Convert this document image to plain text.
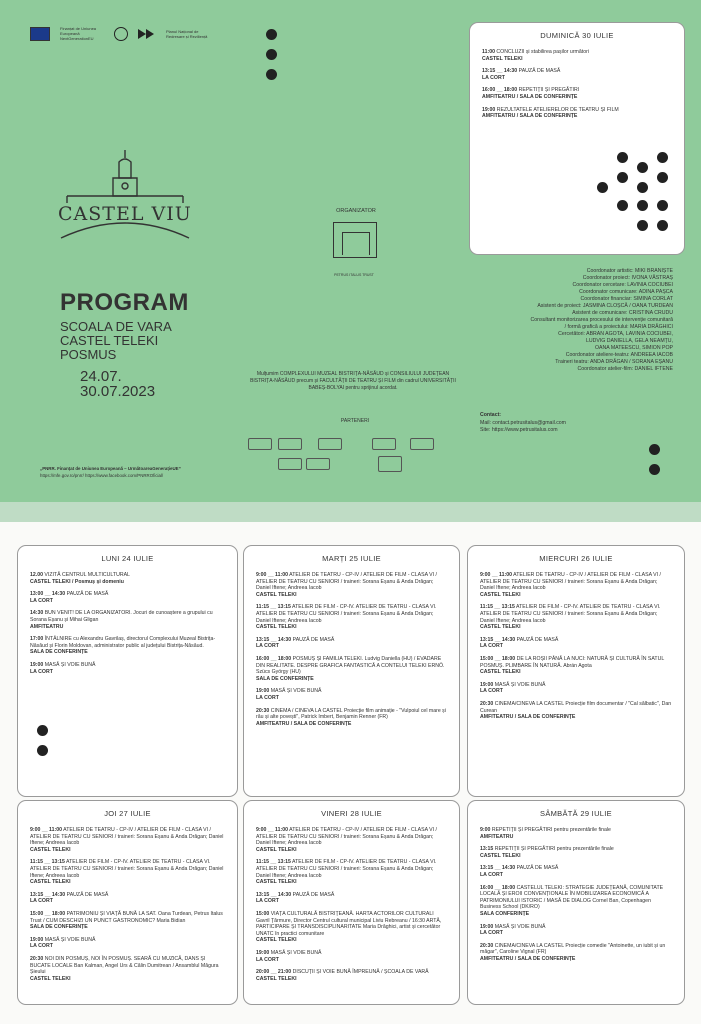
Finanțat de Uniunea Europeană NextGenerationEU
Planul Național de Redresare și Reziliență
CASTEL VIU
PROGRAM
SCOALA DE VARA
CASTEL TELEKI
POSMUS
24.07.
30.07.2023
ORGANIZATOR
PETRUS ITALUS TRUST
Mulțumim COMPLEXULUI MUZEAL BISTRIȚA-NĂSĂUD și CONSILIULUI JUDEȚEAN BISTRIȚA-NĂSĂUD precum și FACULTĂȚII DE TEATRU ȘI FILM din cadrul UNIVERSITĂȚII BABEȘ-BOLYAI pentru sprijinul acordat.
PARTENERI
Coordonator artistic: MIKI BRANIȘTE
Coordonator proiect: IVONA VĂSTRAȘ
Coordonator cercetare: LAVINIA COCIUBEI
Coordonator comunicare: ADINA PAȘCA
Coordonator financiar: SIMINA CORLAT
Asistent de proiect: JASMINA CLOȘCĂ / OANA TURDEAN
Asistent de comunicare: CRISTINA CRUDU
Consultant monitorizarea procesului de intervenție comunitară
/ formă grafică a proiectului: MARIA DRĂGHICI
Cercetători: ABRAN AGOTA, LAVINIA COCIUBEI,
LUDVIG DANIELLA, GELA NEAMȚU,
OANA MATEESCU, SIMION POP
Coordonator ateliere-teatru: ANDREEA IACOB
Traineri teatru: ANDA DRĂGAN / SORANA EȘANU
Coordonator atelier-film: DANIEL IFTENE
Contact:
Mail: contact.petrusitalus@gmail.com
Site: https://www.petrusitalus.com
„PNRR. Finanțat de Uniunea Europeană – UrmătoareaGenerațieUE”
https://mfe.gov.ro/pnrr/ https://www.facebook.com/PNRROficial/
DUMINICĂ 30 IULIE
11:00 CONCLUZII și stabilirea pașilor următori
CASTEL TELEKI
13:15 __ 14:30 PAUZĂ DE MASĂ
LA CORT
16:00 __ 18:00 REPETIȚII ȘI PREGĂTIRI
AMFITEATRU / SALA DE CONFERINȚE
19:00 REZULTATELE ATELIERELOR DE TEATRU ȘI FILM
AMFITEATRU / SALA DE CONFERINȚE
LUNI 24 IULIE
12.00 VIZITĂ CENTRUL MULTICULTURAL
CASTEL TELEKI / Posmuș și domeniu
13:00 __ 14:30 PAUZĂ DE MASĂ
LA CORT
14:30 BUN VENIT! DE LA ORGANIZATORI. Jocuri de cunoaștere a grupului cu Sorana Eșanu și Mihai Gligan
AMFITEATRU
17:00 ÎNTÂLNIRE cu Alexandru Gavrilaș, directorul Complexului Muzeal Bistrița-Năsăud și Florin Moldovan, administrator public al județului Bistrița-Năsăud.
SALA DE CONFERINȚE
19:00 MASĂ ȘI VOIE BUNĂ
LA CORT
MARȚI 25 IULIE
9:00 __ 11:00 ATELIER DE TEATRU - CP-IV / ATELIER DE FILM - CLASA VI / ATELIER DE TEATRU CU SENIORI / traineri: Sorana Eșanu & Anda Drăgan; Daniel Iftene; Andreea Iacob
CASTEL TELEKI
11:15 __ 13:15 ATELIER DE FILM - CP-IV. ATELIER DE TEATRU - CLASA VI. ATELIER DE TEATRU CU SENIORI / traineri: Sorana Eșanu & Anda Drăgan; Daniel Iftene; Andreea Iacob
CASTEL TELEKI
13:15 __ 14:30 PAUZĂ DE MASĂ
LA CORT
16:00 __ 18:00 POSMUȘ ȘI FAMILIA TELEKI. Ludvig Daniella (HU) / EVADARE DIN REALITATE. DESPRE GRAFICA FANTASTICĂ A CONTELUI TELEKI ERNŐ. Szücs György (HU)
SALA DE CONFERINȚE
19:00 MASĂ ȘI VOIE BUNĂ
LA CORT
20:30 CINEMA / CINEVA LA CASTEL Proiecție film animație - "Vulpoiul cel mare și rău și alte povești", Patrick Imbert, Benjamin Renner (FR)
AMFITEATRU / SALA DE CONFERINȚE
MIERCURI 26 IULIE
9:00 __ 11:00 ATELIER DE TEATRU - CP-IV / ATELIER DE FILM - CLASA VI / ATELIER DE TEATRU CU SENIORI / traineri: Sorana Eșanu & Anda Drăgan; Daniel Iftene; Andreea Iacob
CASTEL TELEKI
11:15 __ 13:15 ATELIER DE FILM - CP-IV. ATELIER DE TEATRU - CLASA VI. ATELIER DE TEATRU CU SENIORI / traineri: Sorana Eșanu & Anda Drăgan; Daniel Iftene; Andreea Iacob
CASTEL TELEKI
13:15 __ 14:30 PAUZĂ DE MASĂ
LA CORT
15:00 __ 18:00 DE LA ROȘII PÂNĂ LA NUCI: NATURĂ ȘI CULTURĂ ÎN SATUL POSMUȘ. PLIMBARE ÎN NATURĂ. Abrán Agota
CASTEL TELEKI
19:00 MASĂ ȘI VOIE BUNĂ
LA CORT
20:30 CINEMA/CINEVA LA CASTEL Proiecție film documentar / "Cal sălbatic", Dan Curean
AMFITEATRU / SALA DE CONFERINȚE
JOI 27 IULIE
9:00 __ 11:00 ATELIER DE TEATRU - CP-IV / ATELIER DE FILM - CLASA VI / ATELIER DE TEATRU CU SENIORI / traineri: Sorana Eșanu & Anda Drăgan; Daniel Iftene; Andreea Iacob
CASTEL TELEKI
11:15 __ 13:15 ATELIER DE FILM - CP-IV. ATELIER DE TEATRU - CLASA VI. ATELIER DE TEATRU CU SENIORI / traineri: Sorana Eșanu & Anda Drăgan; Daniel Iftene; Andreea Iacob
CASTEL TELEKI
13:15 __ 14:30 PAUZĂ DE MASĂ
LA CORT
15:00 __ 18:00 PATRIMONIU ȘI VIAȚĂ BUNĂ LA SAT. Oana Turdean, Petrus Italus Trust / CUM DESCHIZI UN PUNCT GASTRONOMIC? Maria Bidian
SALA DE CONFERINȚE
19:00 MASĂ ȘI VOIE BUNĂ
LA CORT
20:30 NOI DIN POSMUȘ, NOI ÎN POSMUȘ. SEARĂ CU MUZICĂ, DANS ȘI BUCATE LOCALE Ban Kalman, Angel Urs & Călin Dumitrean / Ansamblul Măgura Șieului
CASTEL TELEKI
VINERI 28 IULIE
9:00 __ 11:00 ATELIER DE TEATRU - CP-IV / ATELIER DE FILM - CLASA VI / ATELIER DE TEATRU CU SENIORI / traineri: Sorana Eșanu & Anda Drăgan; Daniel Iftene; Andreea Iacob
CASTEL TELEKI
11:15 __ 13:15 ATELIER DE FILM - CP-IV. ATELIER DE TEATRU - CLASA VI. ATELIER DE TEATRU CU SENIORI / traineri: Sorana Eșanu & Anda Drăgan; Daniel Iftene; Andreea Iacob
CASTEL TELEKI
13:15 __ 14:30 PAUZĂ DE MASĂ
LA CORT
15:00 VIAȚA CULTURALĂ BISTRIȚEANĂ. HARTA ACTORILOR CULTURALI Gavril Țărmure, Director Centrul cultural municipal Liviu Rebreanu / 16:30 ARTĂ, PARTICIPARE ȘI TRANSDISCIPLINARITATE Maria Drăghici, artist și cercetător UNATC în practici comunitare
CASTEL TELEKI
19:00 MASĂ ȘI VOIE BUNĂ
LA CORT
20:00 __ 21:00 DISCUȚII ȘI VOIE BUNĂ ÎMPREUNĂ / ȘCOALA DE VARĂ
CASTEL TELEKI
SÂMBĂTĂ 29 IULIE
9:00 REPETIȚII ȘI PREGĂTIRI pentru prezentările finale
AMFITEATRU
13:15 REPETIȚII ȘI PREGĂTIRI pentru prezentările finale
CASTEL TELEKI
13:15 __ 14:30 PAUZĂ DE MASĂ
LA CORT
16:00 __ 18:00 CASTELUL TELEKI: STRATEGIE JUDEȚEANĂ, COMUNITATE LOCALĂ ȘI EROII CONVENȚIONALE ÎN MOBILIZAREA ECONOMICĂ A PATRIMONIULUI ISTORIC / MASĂ DE DIALOG Cornel Ban, Copenhagen Business School (DK/RO)
SALA CONFERINȚE
19:00 MASĂ ȘI VOIE BUNĂ
LA CORT
20:30 CINEMA/CINEVA LA CASTEL Proiecție comedie "Antoinette, un iubit și un măgar", Caroline Vignal (FR)
AMFITEATRU / SALA DE CONFERINȚE
